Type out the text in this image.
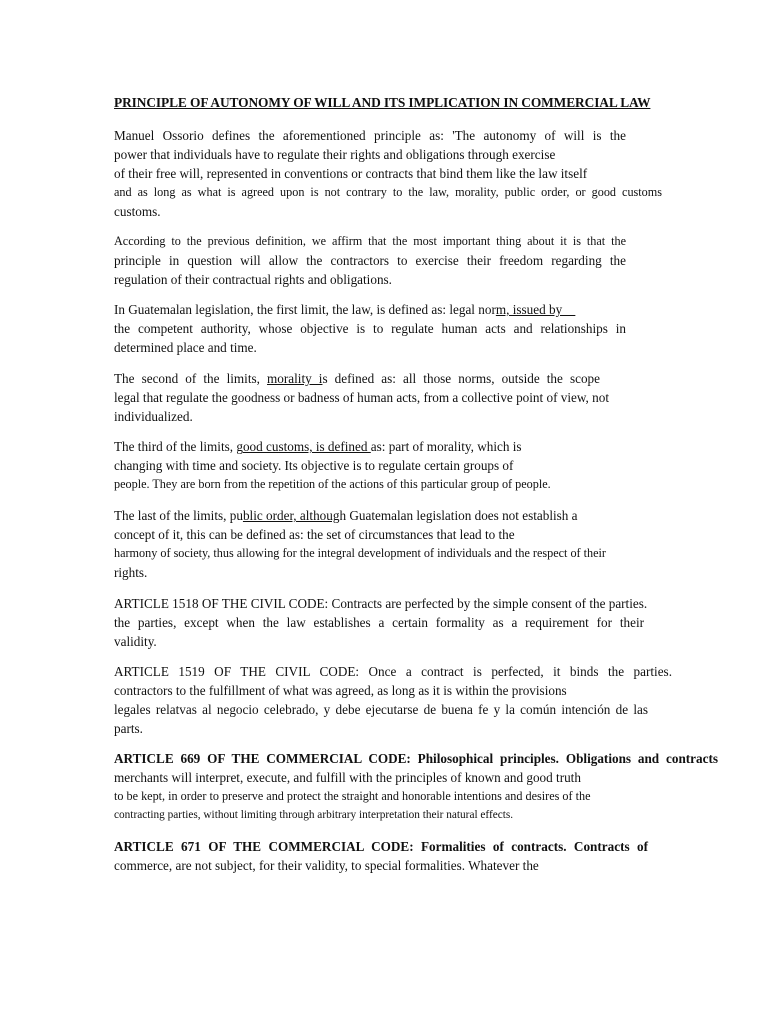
PRINCIPLE OF AUTONOMY OF WILL AND ITS IMPLICATION IN COMMERCIAL LAW
Manuel Ossorio defines the aforementioned principle as: 'The autonomy of will is the
power that individuals have to regulate their rights and obligations through exercise
of their free will, represented in conventions or contracts that bind them like the law itself
and as long as what is agreed upon is not contrary to the law, morality, public order, or good customs
customs.
According to the previous definition, we affirm that the most important thing about it is that the
principle in question will allow the contractors to exercise their freedom regarding the
regulation of their contractual rights and obligations.
In Guatemalan legislation, the first limit, the law, is defined as: legal norm, issued by
the competent authority, whose objective is to regulate human acts and relationships in
determined place and time.
The second of the limits, morality is defined as: all those norms, outside the scope
legal that regulate the goodness or badness of human acts, from a collective point of view, not
individualized.
The third of the limits, good customs, is defined as: part of morality, which is
changing with time and society. Its objective is to regulate certain groups of
people. They are born from the repetition of the actions of this particular group of people.
The last of the limits, public order, although Guatemalan legislation does not establish a
concept of it, this can be defined as: the set of circumstances that lead to the
harmony of society, thus allowing for the integral development of individuals and the respect of their
rights.
ARTICLE 1518 OF THE CIVIL CODE: Contracts are perfected by the simple consent of the parties.
the parties, except when the law establishes a certain formality as a requirement for their
validity.
ARTICLE 1519 OF THE CIVIL CODE: Once a contract is perfected, it binds the parties.
contractors to the fulfillment of what was agreed, as long as it is within the provisions
legales relatvas al negocio celebrado, y debe ejecutarse de buena fe y la común intención de las
parts.
ARTICLE 669 OF THE COMMERCIAL CODE: Philosophical principles. Obligations and contracts
merchants will interpret, execute, and fulfill with the principles of known and good truth
to be kept, in order to preserve and protect the straight and honorable intentions and desires of the
contracting parties, without limiting through arbitrary interpretation their natural effects.
ARTICLE 671 OF THE COMMERCIAL CODE: Formalities of contracts. Contracts of
commerce, are not subject, for their validity, to special formalities. Whatever the
